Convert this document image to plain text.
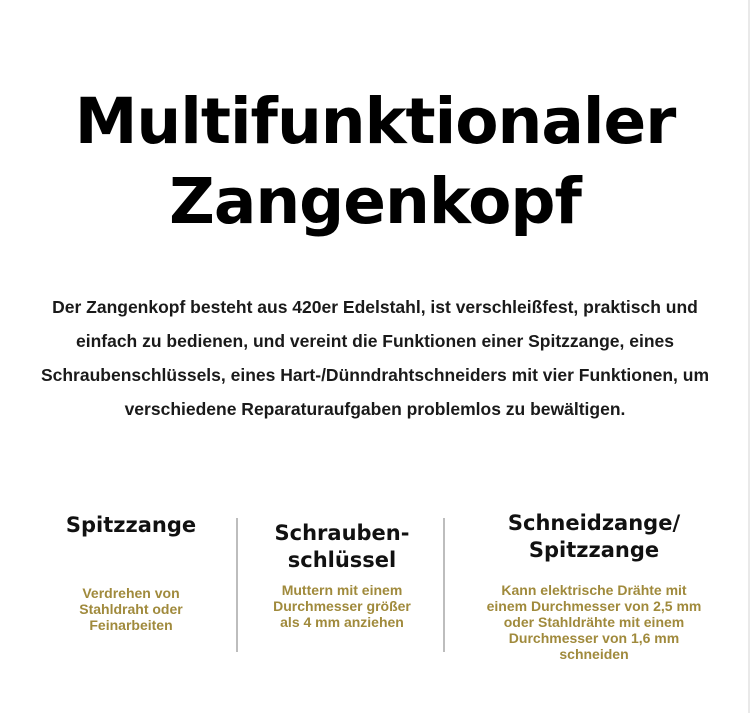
Multifunktionaler
Zangenkopf

Der Zangenkopf besteht aus 420er Edelstahl, ist verschleißfest, praktisch und einfach zu bedienen, und vereint die Funktionen einer Spitzzange, eines Schraubenschlüssels, eines Hart-/Dünndrahtschneiders mit vier Funktionen, um verschiedene Reparaturaufgaben problemlos zu bewältigen.

Spitzzange
Verdrehen von
Stahldraht oder
Feinarbeiten
Schrauben-
schlüssel
Muttern mit einem
Durchmesser größer
als 4 mm anziehen
Schneidzange/
Spitzzange
Kann elektrische Drähte mit
einem Durchmesser von 2,5 mm
oder Stahldrähte mit einem
Durchmesser von 1,6 mm
schneiden
